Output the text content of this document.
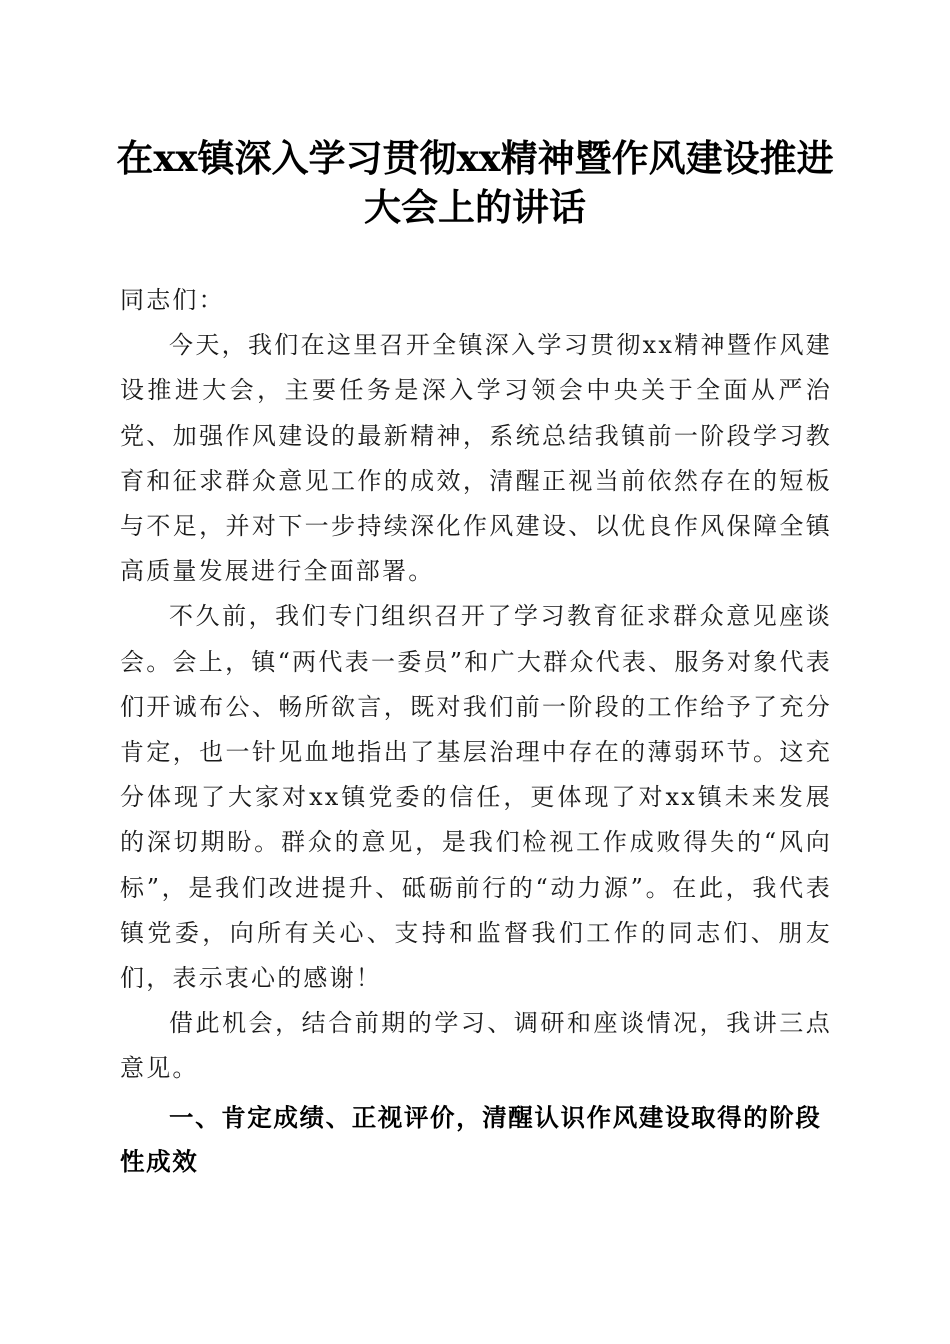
在xx镇深入学习贯彻xx精神暨作风建设推进
大会上的讲话

同志们：

今天，我们在这里召开全镇深入学习贯彻xx精神暨作风建设推进大会，主要任务是深入学习领会中央关于全面从严治党、加强作风建设的最新精神，系统总结我镇前一阶段学习教育和征求群众意见工作的成效，清醒正视当前依然存在的短板与不足，并对下一步持续深化作风建设、以优良作风保障全镇高质量发展进行全面部署。

不久前，我们专门组织召开了学习教育征求群众意见座谈会。会上，镇“两代表一委员”和广大群众代表、服务对象代表们开诚布公、畅所欲言，既对我们前一阶段的工作给予了充分肯定，也一针见血地指出了基层治理中存在的薄弱环节。这充分体现了大家对xx镇党委的信任，更体现了对xx镇未来发展的深切期盼。群众的意见，是我们检视工作成败得失的“风向标”，是我们改进提升、砥砺前行的“动力源”。在此，我代表镇党委，向所有关心、支持和监督我们工作的同志们、朋友们，表示衷心的感谢！

借此机会，结合前期的学习、调研和座谈情况，我讲三点意见。

一、肯定成绩、正视评价，清醒认识作风建设取得的阶段性成效
